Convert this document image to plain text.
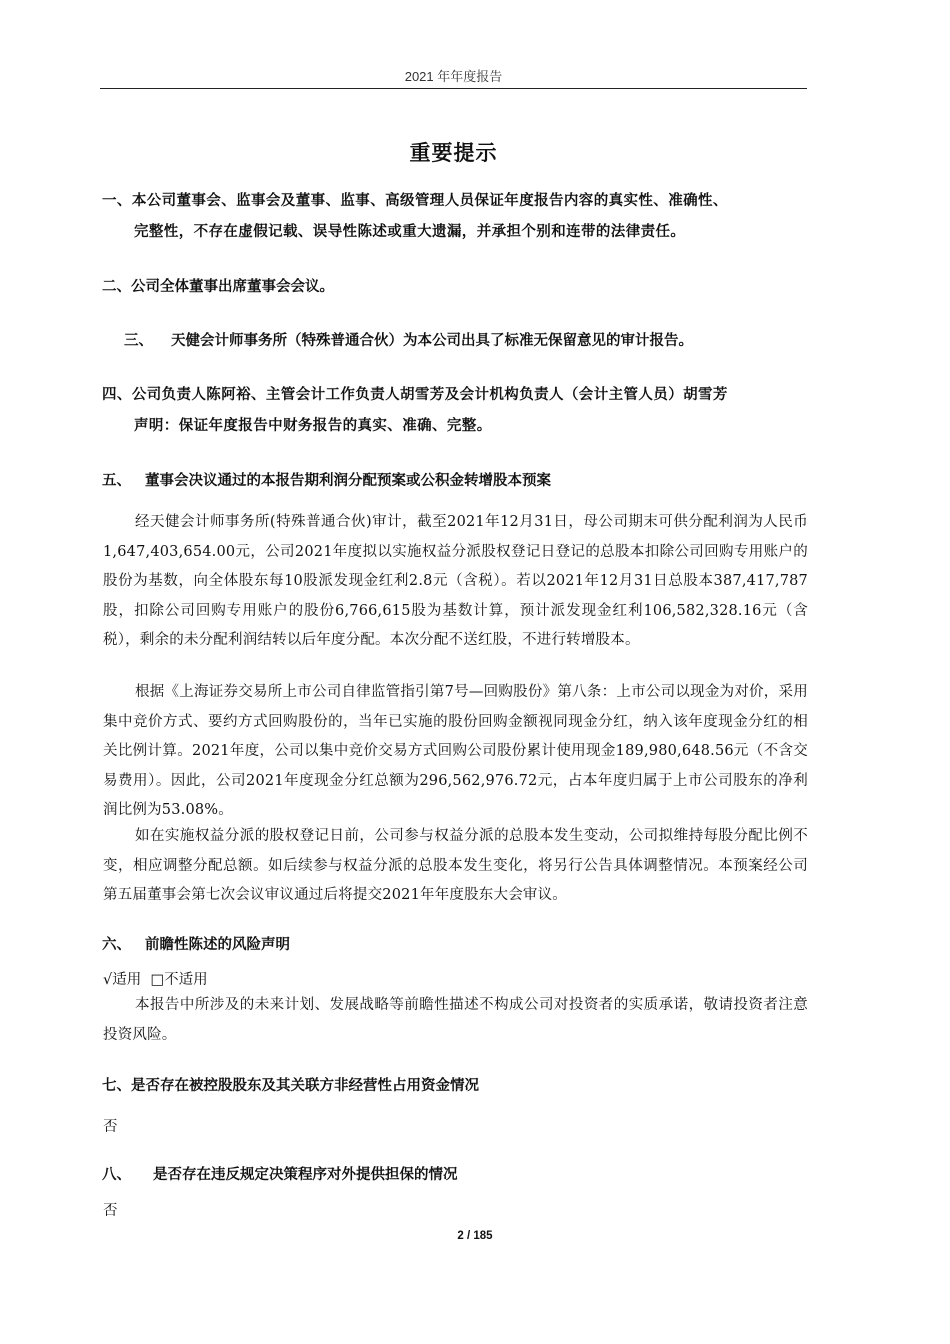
2021 年年度报告
重要提示
一、本公司董事会、监事会及董事、监事、高级管理人员保证年度报告内容的真实性、准确性、
完整性，不存在虚假记载、误导性陈述或重大遗漏，并承担个别和连带的法律责任。
二、公司全体董事出席董事会会议。
三、 天健会计师事务所（特殊普通合伙）为本公司出具了标准无保留意见的审计报告。
四、公司负责人陈阿裕、主管会计工作负责人胡雪芳及会计机构负责人（会计主管人员）胡雪芳
声明：保证年度报告中财务报告的真实、准确、完整。
五、 董事会决议通过的本报告期利润分配预案或公积金转增股本预案
经天健会计师事务所(特殊普通合伙)审计，截至2021年12月31日，母公司期末可供分配利润为人民币1,647,403,654.00元，公司2021年度拟以实施权益分派股权登记日登记的总股本扣除公司回购专用账户的股份为基数，向全体股东每10股派发现金红利2.8元（含税）。若以2021年12月31日总股本387,417,787股，扣除公司回购专用账户的股份6,766,615股为基数计算，预计派发现金红利106,582,328.16元（含税），剩余的未分配利润结转以后年度分配。本次分配不送红股，不进行转增股本。
根据《上海证券交易所上市公司自律监管指引第7号—回购股份》第八条：上市公司以现金为对价，采用集中竞价方式、要约方式回购股份的，当年已实施的股份回购金额视同现金分红，纳入该年度现金分红的相关比例计算。2021年度，公司以集中竞价交易方式回购公司股份累计使用现金189,980,648.56元（不含交易费用）。因此，公司2021年度现金分红总额为296,562,976.72元，占本年度归属于上市公司股东的净利润比例为53.08%。
如在实施权益分派的股权登记日前，公司参与权益分派的总股本发生变动，公司拟维持每股分配比例不变，相应调整分配总额。如后续参与权益分派的总股本发生变化，将另行公告具体调整情况。本预案经公司第五届董事会第七次会议审议通过后将提交2021年年度股东大会审议。
六、 前瞻性陈述的风险声明
√适用  □不适用
本报告中所涉及的未来计划、发展战略等前瞻性描述不构成公司对投资者的实质承诺，敬请投资者注意投资风险。
七、是否存在被控股股东及其关联方非经营性占用资金情况
否
八、 是否存在违反规定决策程序对外提供担保的情况
否
2 / 185
